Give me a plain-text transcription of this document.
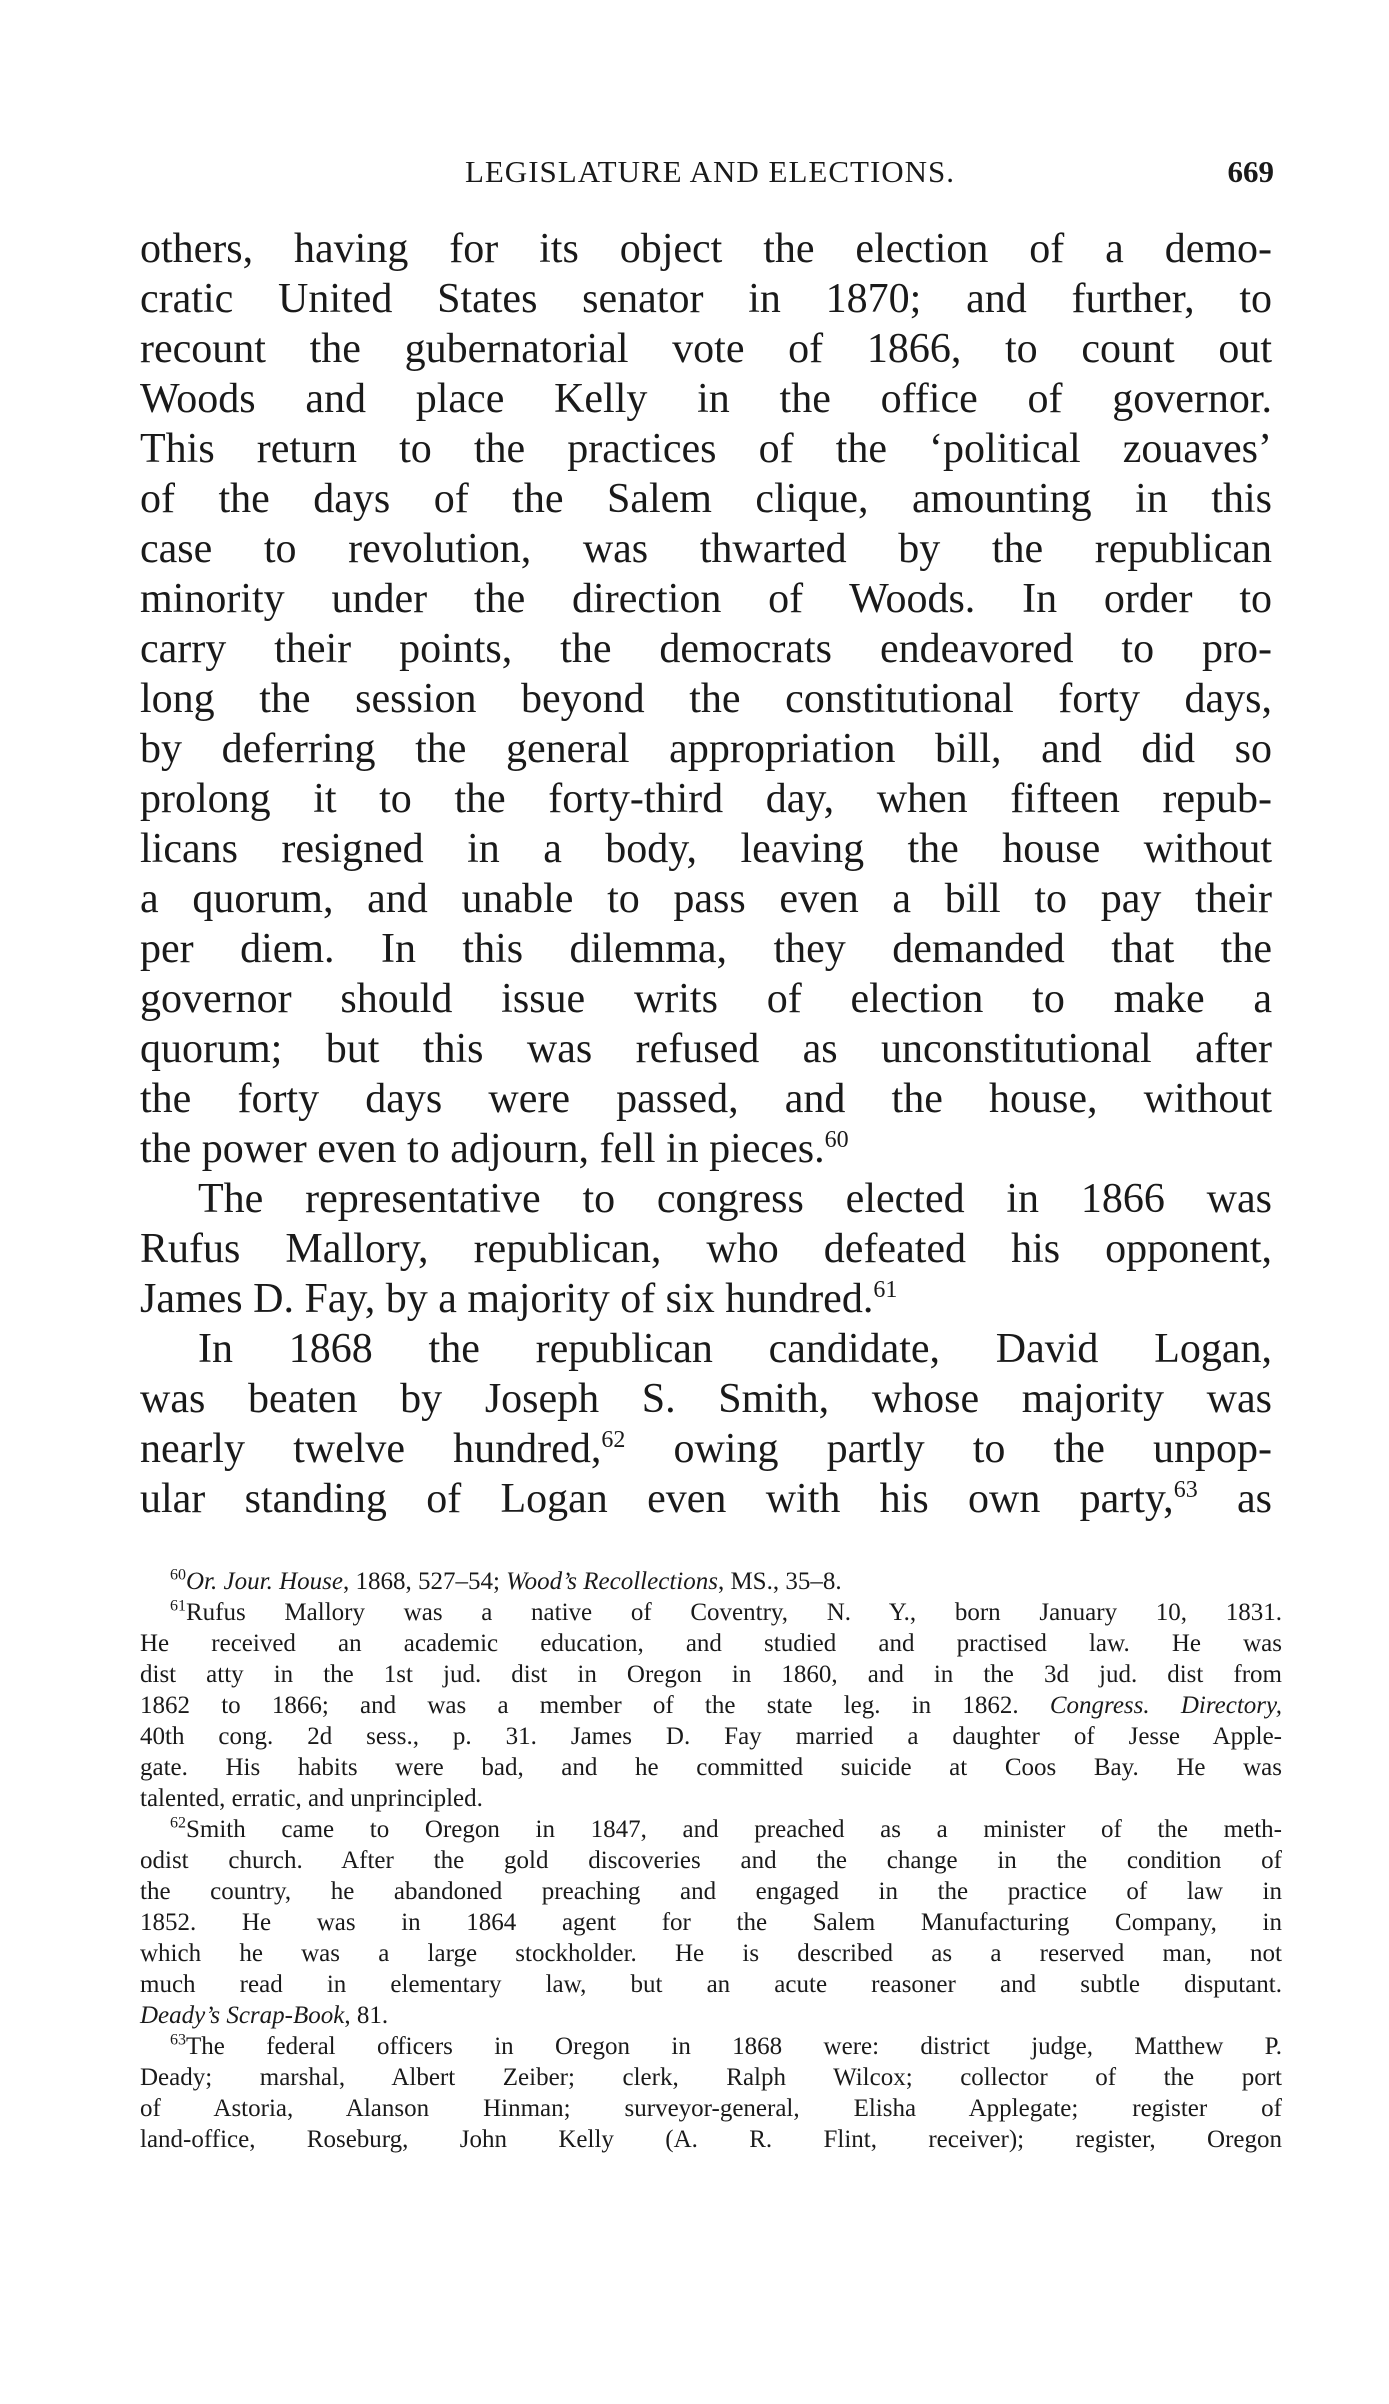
LEGISLATURE AND ELECTIONS.	669
others, having for its object the election of a demo-
cratic United States senator in 1870; and further, to
recount the gubernatorial vote of 1866, to count out
Woods and place Kelly in the office of governor.
This return to the practices of the ‘political zouaves’
of the days of the Salem clique, amounting in this
case to revolution, was thwarted by the republican
minority under the direction of Woods. In order to
carry their points, the democrats endeavored to pro-
long the session beyond the constitutional forty days,
by deferring the general appropriation bill, and did so
prolong it to the forty-third day, when fifteen repub-
licans resigned in a body, leaving the house without
a quorum, and unable to pass even a bill to pay their
per diem. In this dilemma, they demanded that the
governor should issue writs of election to make a
quorum; but this was refused as unconstitutional after
the forty days were passed, and the house, without
the power even to adjourn, fell in pieces.$^{60}$
The representative to congress elected in 1866 was
Rufus Mallory, republican, who defeated his opponent,
James D. Fay, by a majority of six hundred.$^{61}$
In 1868 the republican candidate, David Logan,
was beaten by Joseph S. Smith, whose majority was
nearly twelve hundred,$^{62}$ owing partly to the unpop-
ular standing of Logan even with his own party,$^{63}$ as
$^{60}$Or. Jour. House, 1868, 527–54; Wood’s Recollections, MS., 35–8.
$^{61}$Rufus Mallory was a native of Coventry, N. Y., born January 10, 1831.
He received an academic education, and studied and practised law. He was
dist atty in the 1st jud. dist in Oregon in 1860, and in the 3d jud. dist from
1862 to 1866; and was a member of the state leg. in 1862. Congress. Directory,
40th cong. 2d sess., p. 31. James D. Fay married a daughter of Jesse Apple-
gate. His habits were bad, and he committed suicide at Coos Bay. He was
talented, erratic, and unprincipled.
$^{62}$Smith came to Oregon in 1847, and preached as a minister of the meth-
odist church. After the gold discoveries and the change in the condition of
the country, he abandoned preaching and engaged in the practice of law in
1852. He was in 1864 agent for the Salem Manufacturing Company, in
which he was a large stockholder. He is described as a reserved man, not
much read in elementary law, but an acute reasoner and subtle disputant.
Deady’s Scrap-Book, 81.
$^{63}$The federal officers in Oregon in 1868 were: district judge, Matthew P.
Deady; marshal, Albert Zeiber; clerk, Ralph Wilcox; collector of the port
of Astoria, Alanson Hinman; surveyor-general, Elisha Applegate; register of
land-office, Roseburg, John Kelly (A. R. Flint, receiver); register, Oregon
